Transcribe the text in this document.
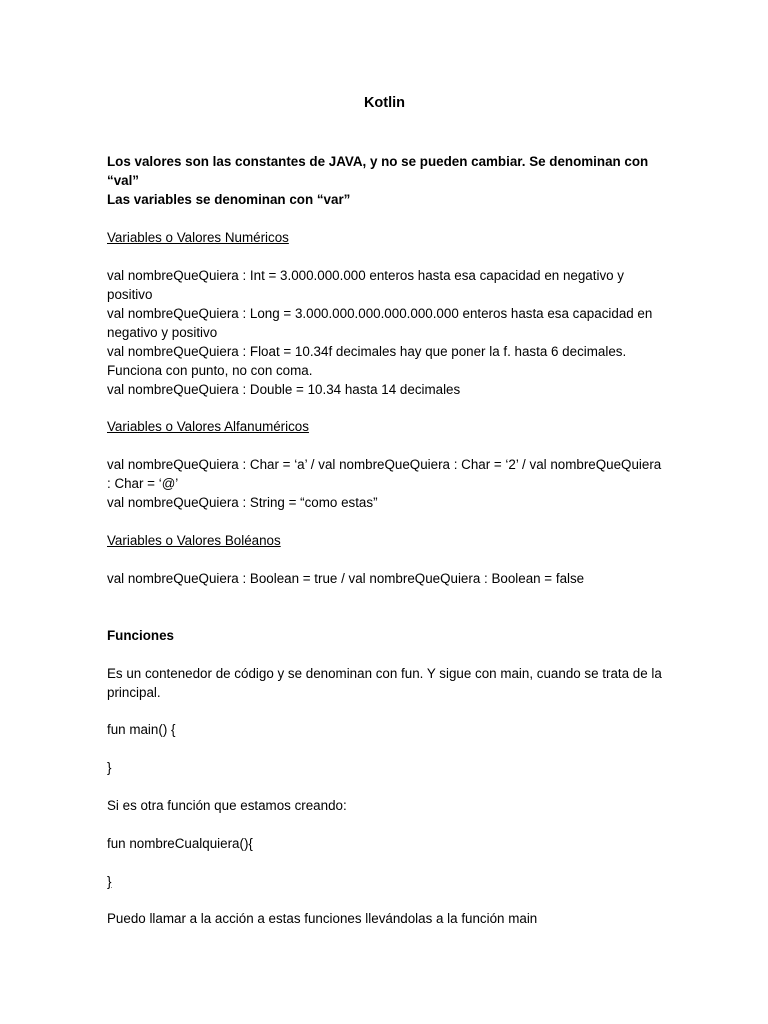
Kotlin

Los valores son las constantes de JAVA, y no se pueden cambiar. Se denominan con “val”

Las variables se denominan con “var”

Variables o Valores Numéricos

val nombreQueQuiera : Int = 3.000.000.000 enteros hasta esa capacidad en negativo y positivo

val nombreQueQuiera : Long = 3.000.000.000.000.000.000 enteros hasta esa capacidad en negativo y positivo

val nombreQueQuiera : Float = 10.34f decimales hay que poner la f. hasta 6 decimales. Funciona con punto, no con coma.

val nombreQueQuiera : Double = 10.34 hasta 14 decimales

Variables o Valores Alfanuméricos

val nombreQueQuiera : Char = ‘a’ / val nombreQueQuiera : Char = ‘2’ / val nombreQueQuiera : Char = ‘@’

val nombreQueQuiera : String = “como estas”

Variables o Valores Boléanos
val nombreQueQuiera : Boolean = true / val nombreQueQuiera : Boolean = false
Funciones
Es un contenedor de código y se denominan con fun. Y sigue con main, cuando se trata de la principal.
fun main() {
}
Si es otra función que estamos creando:
fun nombreCualquiera(){
}
Puedo llamar a la acción a estas funciones llevándolas a la función main
